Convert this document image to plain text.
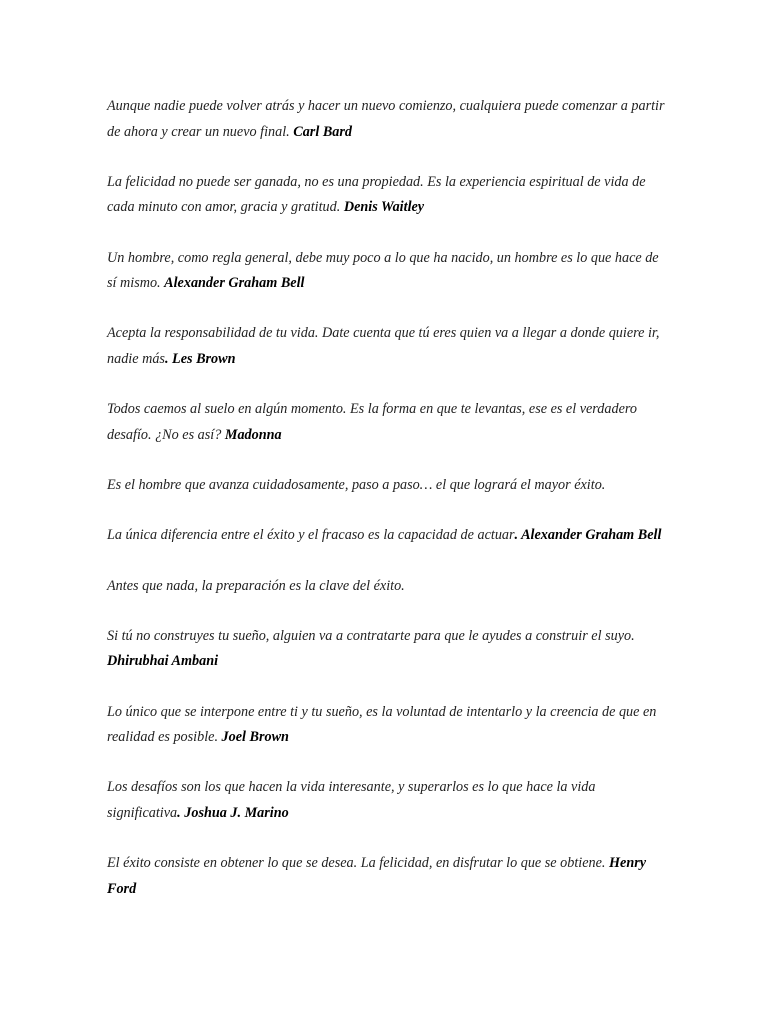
Aunque nadie puede volver atrás y hacer un nuevo comienzo, cualquiera puede comenzar a partir de ahora y crear un nuevo final. Carl Bard

La felicidad no puede ser ganada, no es una propiedad. Es la experiencia espiritual de vida de cada minuto con amor, gracia y gratitud. Denis Waitley

Un hombre, como regla general, debe muy poco a lo que ha nacido, un hombre es lo que hace de sí mismo. Alexander Graham Bell

Acepta la responsabilidad de tu vida. Date cuenta que tú eres quien va a llegar a donde quiere ir, nadie más. Les Brown

Todos caemos al suelo en algún momento. Es la forma en que te levantas, ese es el verdadero desafío. ¿No es así? Madonna

Es el hombre que avanza cuidadosamente, paso a paso… el que logrará el mayor éxito.

La única diferencia entre el éxito y el fracaso es la capacidad de actuar. Alexander Graham Bell

Antes que nada, la preparación es la clave del éxito.

Si tú no construyes tu sueño, alguien va a contratarte para que le ayudes a construir el suyo. Dhirubhai Ambani

Lo único que se interpone entre ti y tu sueño, es la voluntad de intentarlo y la creencia de que en realidad es posible. Joel Brown

Los desafíos son los que hacen la vida interesante, y superarlos es lo que hace la vida significativa. Joshua J. Marino

El éxito consiste en obtener lo que se desea. La felicidad, en disfrutar lo que se obtiene. Henry Ford
